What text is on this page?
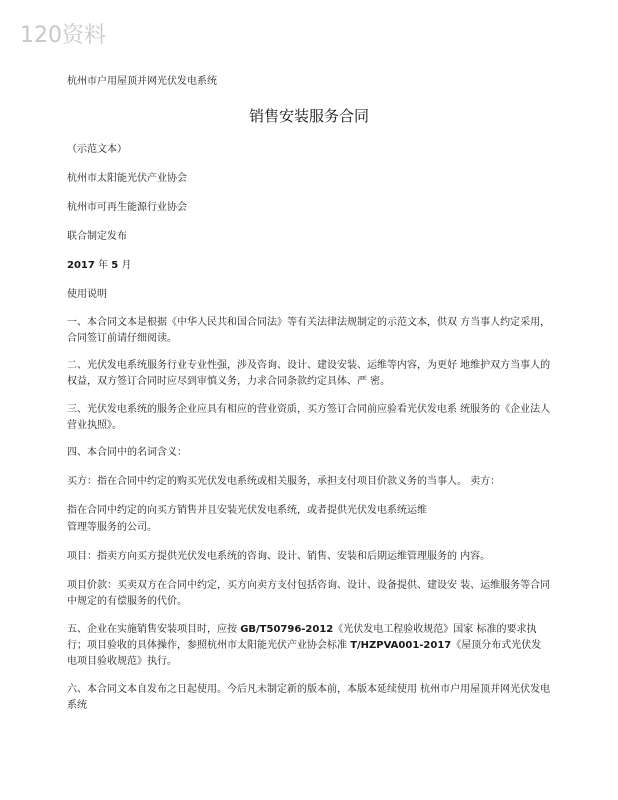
120资料

杭州市户用屋顶并网光伏发电系统

销售安装服务合同

（示范文本）

杭州市太阳能光伏产业协会

杭州市可再生能源行业协会

联合制定发布

2017 年 5 月

使用说明

一、本合同文本是根据《中华人民共和国合同法》等有关法律法规制定的示范文本，供双 方当事人约定采用，合同签订前请仔细阅读。

二、光伏发电系统服务行业专业性强，涉及咨询、设计、建设安装、运维等内容，为更好 地维护双方当事人的权益，双方签订合同时应尽到审慎义务，力求合同条款约定具体、严 密。

三、光伏发电系统的服务企业应具有相应的营业资质，买方签订合同前应验看光伏发电系 统服务的《企业法人营业执照》。

四、本合同中的名词含义：

买方：指在合同中约定的购买光伏发电系统或相关服务，承担支付项目价款义务的当事人。 卖方：

指在合同中约定的向买方销售并且安装光伏发电系统，或者提供光伏发电系统运维

管理等服务的公司。

项目：指卖方向买方提供光伏发电系统的咨询、设计、销售、安装和后期运维管理服务的 内容。

项目价款：买卖双方在合同中约定，买方向卖方支付包括咨询、设计、设备提供、建设安 装、运维服务等合同中规定的有偿服务的代价。

五、企业在实施销售安装项目时，应按 GB/T50796-2012《光伏发电工程验收规范》国家 标准的要求执行；项目验收的具体操作，参照杭州市太阳能光伏产业协会标准 T/HZPVA001-2017《屋顶分布式光伏发电项目验收规范》执行。

六、本合同文本自发布之日起使用。今后凡未制定新的版本前，本版本延续使用 杭州市户用屋顶并网光伏发电系统
